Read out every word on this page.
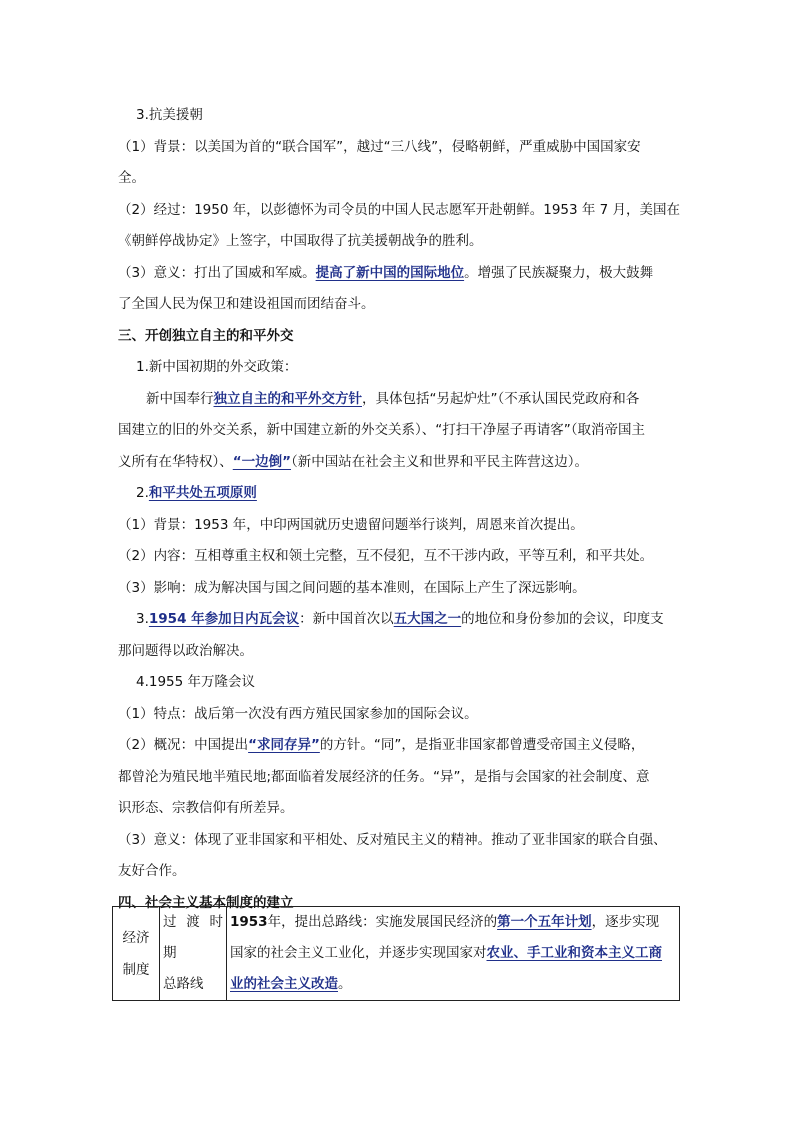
3.抗美援朝
（1）背景：以美国为首的“联合国军”，越过“三八线”，侵略朝鲜，严重威胁中国国家安
全。
（2）经过：1950 年，以彭德怀为司令员的中国人民志愿军开赴朝鲜。1953 年 7 月，美国在
《朝鲜停战协定》上签字，中国取得了抗美援朝战争的胜利。
（3）意义：打出了国威和军威。提高了新中国的国际地位。增强了民族凝聚力，极大鼓舞
了全国人民为保卫和建设祖国而团结奋斗。
三、开创独立自主的和平外交
1.新中国初期的外交政策：
新中国奉行独立自主的和平外交方针，具体包括“另起炉灶”（不承认国民党政府和各
国建立的旧的外交关系，新中国建立新的外交关系）、“打扫干净屋子再请客”（取消帝国主
义所有在华特权）、“一边倒”（新中国站在社会主义和世界和平民主阵营这边）。
2.和平共处五项原则
（1）背景：1953 年，中印两国就历史遗留问题举行谈判，周恩来首次提出。
（2）内容：互相尊重主权和领土完整，互不侵犯，互不干涉内政，平等互利，和平共处。
（3）影响：成为解决国与国之间问题的基本准则，在国际上产生了深远影响。
3.1954 年参加日内瓦会议：新中国首次以五大国之一的地位和身份参加的会议，印度支
那问题得以政治解决。
4.1955 年万隆会议
（1）特点：战后第一次没有西方殖民国家参加的国际会议。
（2）概况：中国提出“求同存异”的方针。“同”，是指亚非国家都曾遭受帝国主义侵略，
都曾沦为殖民地半殖民地;都面临着发展经济的任务。“异”，是指与会国家的社会制度、意
识形态、宗教信仰有所差异。
（3）意义：体现了亚非国家和平相处、反对殖民主义的精神。推动了亚非国家的联合自强、
友好合作。
四、社会主义基本制度的建立
经济
制度

过 渡 时
期
总路线

1953年，提出总路线：实施发展国民经济的第一个五年计划，逐步实现
国家的社会主义工业化，并逐步实现国家对农业、手工业和资本主义工商
业的社会主义改造。
